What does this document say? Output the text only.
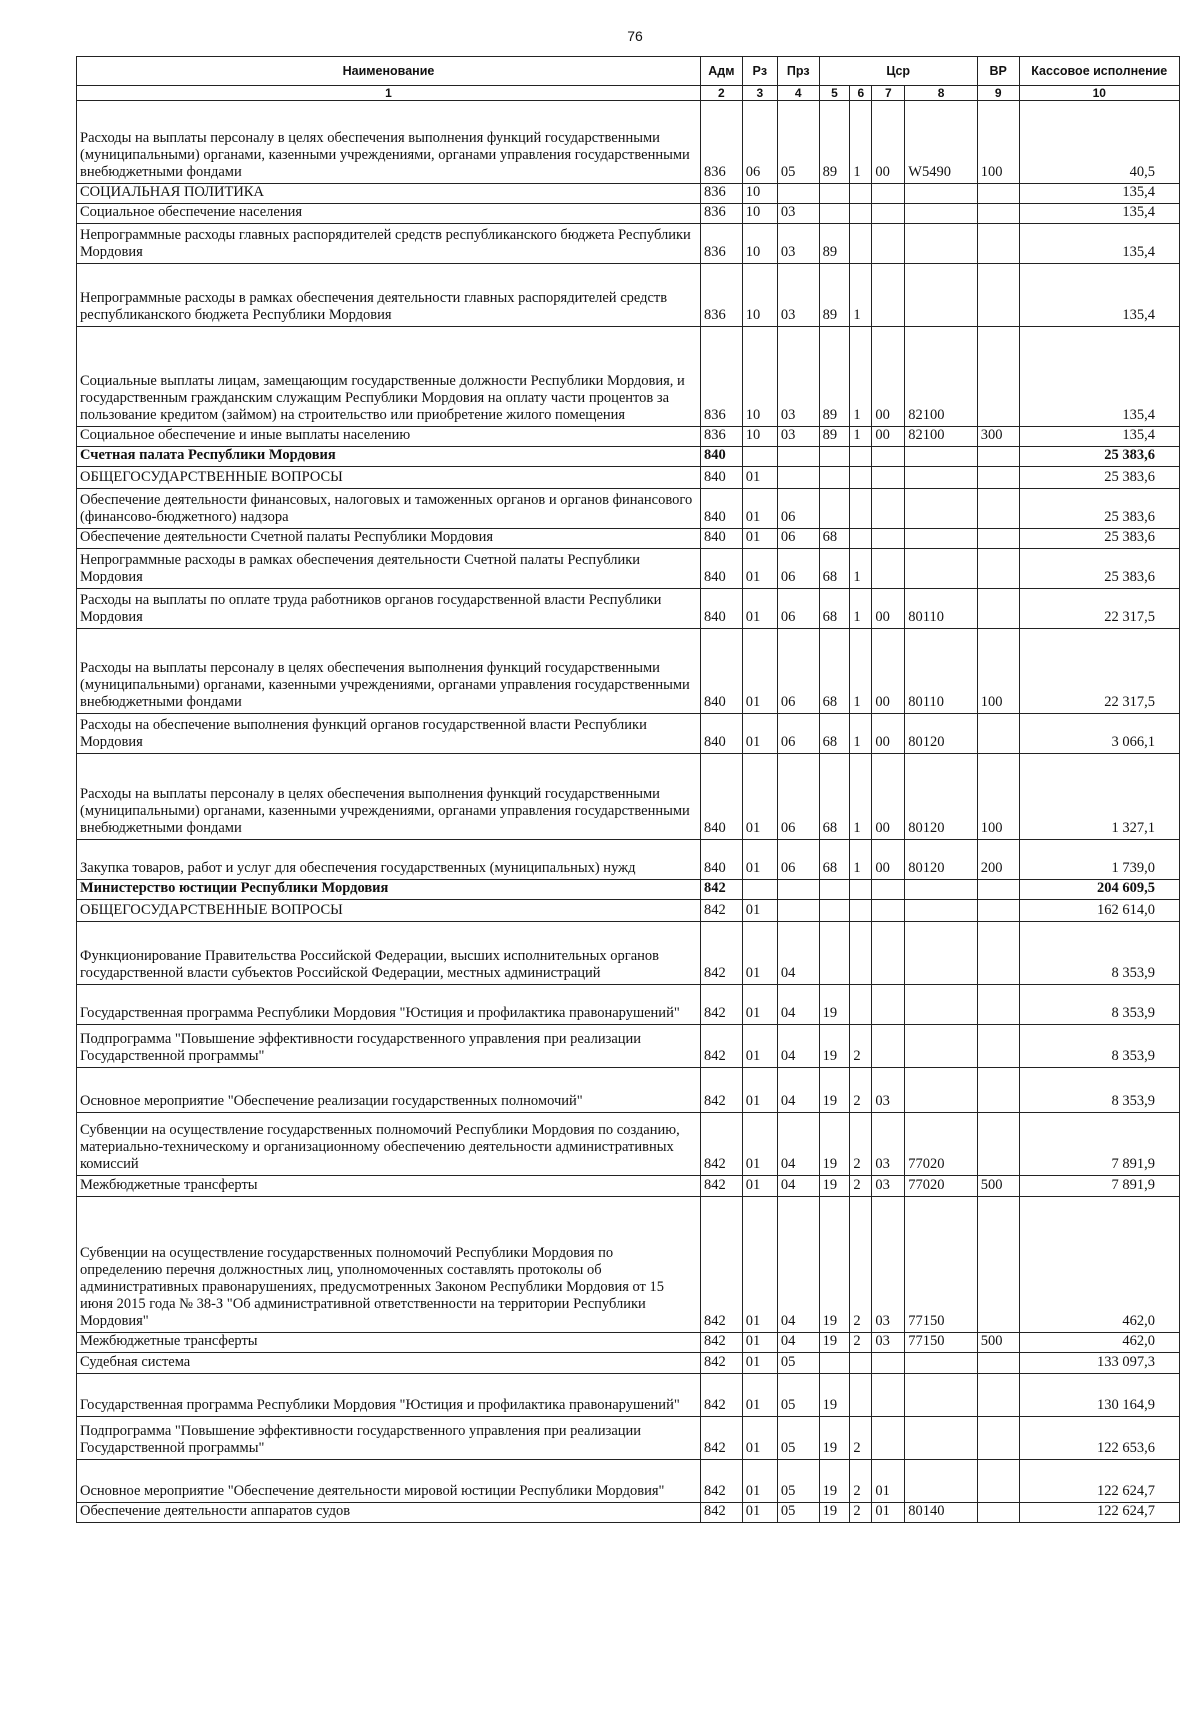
76
Наименование	Адм	Рз	Прз	Цср				ВР	Кассовое исполнение
1	2	3	4	5	6	7	8	9	10
Расходы на выплаты персоналу в целях обеспечения выполнения функций государственными (муниципальными) органами, казенными учреждениями, органами управления государственными внебюджетными фондами	836	06	05	89	1	00	W5490	100	40,5
СОЦИАЛЬНАЯ ПОЛИТИКА	836	10							135,4
Социальное обеспечение населения	836	10	03						135,4
Непрограммные расходы главных распорядителей средств республиканского бюджета Республики Мордовия	836	10	03	89					135,4
Непрограммные расходы в рамках обеспечения деятельности главных распорядителей средств республиканского бюджета Республики Мордовия	836	10	03	89	1				135,4
Социальные выплаты лицам, замещающим государственные должности Республики Мордовия, и государственным гражданским служащим Республики Мордовия на оплату части процентов за пользование кредитом (займом) на строительство или приобретение жилого помещения	836	10	03	89	1	00	82100		135,4
Социальное обеспечение и иные выплаты населению	836	10	03	89	1	00	82100	300	135,4
Счетная палата Республики Мордовия	840								25 383,6
ОБЩЕГОСУДАРСТВЕННЫЕ ВОПРОСЫ	840	01							25 383,6
Обеспечение деятельности финансовых, налоговых и таможенных органов и органов финансового (финансово-бюджетного) надзора	840	01	06						25 383,6
Обеспечение деятельности Счетной палаты Республики Мордовия	840	01	06	68					25 383,6
Непрограммные расходы в рамках обеспечения деятельности Счетной палаты Республики Мордовия	840	01	06	68	1				25 383,6
Расходы на выплаты по оплате труда работников органов государственной власти Республики Мордовия	840	01	06	68	1	00	80110		22 317,5
Расходы на выплаты персоналу в целях обеспечения выполнения функций государственными (муниципальными) органами, казенными учреждениями, органами управления государственными внебюджетными фондами	840	01	06	68	1	00	80110	100	22 317,5
Расходы на обеспечение выполнения функций органов государственной власти Республики Мордовия	840	01	06	68	1	00	80120		3 066,1
Расходы на выплаты персоналу в целях обеспечения выполнения функций государственными (муниципальными) органами, казенными учреждениями, органами управления государственными внебюджетными фондами	840	01	06	68	1	00	80120	100	1 327,1
Закупка товаров, работ и услуг для обеспечения государственных (муниципальных) нужд	840	01	06	68	1	00	80120	200	1 739,0
Министерство юстиции Республики Мордовия	842								204 609,5
ОБЩЕГОСУДАРСТВЕННЫЕ ВОПРОСЫ	842	01							162 614,0
Функционирование Правительства Российской Федерации, высших исполнительных органов государственной власти субъектов Российской Федерации, местных администраций	842	01	04						8 353,9
Государственная программа Республики Мордовия "Юстиция и профилактика правонарушений"	842	01	04	19					8 353,9
Подпрограмма "Повышение эффективности государственного управления при реализации Государственной программы"	842	01	04	19	2				8 353,9
Основное мероприятие "Обеспечение реализации государственных полномочий"	842	01	04	19	2	03			8 353,9
Субвенции на осуществление государственных полномочий Республики Мордовия по созданию, материально-техническому и организационному обеспечению деятельности административных комиссий	842	01	04	19	2	03	77020		7 891,9
Межбюджетные трансферты	842	01	04	19	2	03	77020	500	7 891,9
Субвенции на осуществление государственных полномочий Республики Мордовия по определению перечня должностных лиц, уполномоченных составлять протоколы об административных правонарушениях, предусмотренных Законом Республики Мордовия от 15 июня 2015 года № 38-З "Об административной ответственности на территории Республики Мордовия"	842	01	04	19	2	03	77150		462,0
Межбюджетные трансферты	842	01	04	19	2	03	77150	500	462,0
Судебная система	842	01	05						133 097,3
Государственная программа Республики Мордовия "Юстиция и профилактика правонарушений"	842	01	05	19					130 164,9
Подпрограмма "Повышение эффективности государственного управления при реализации Государственной программы"	842	01	05	19	2				122 653,6
Основное мероприятие "Обеспечение деятельности мировой юстиции Республики Мордовия"	842	01	05	19	2	01			122 624,7
Обеспечение деятельности аппаратов судов	842	01	05	19	2	01	80140		122 624,7
